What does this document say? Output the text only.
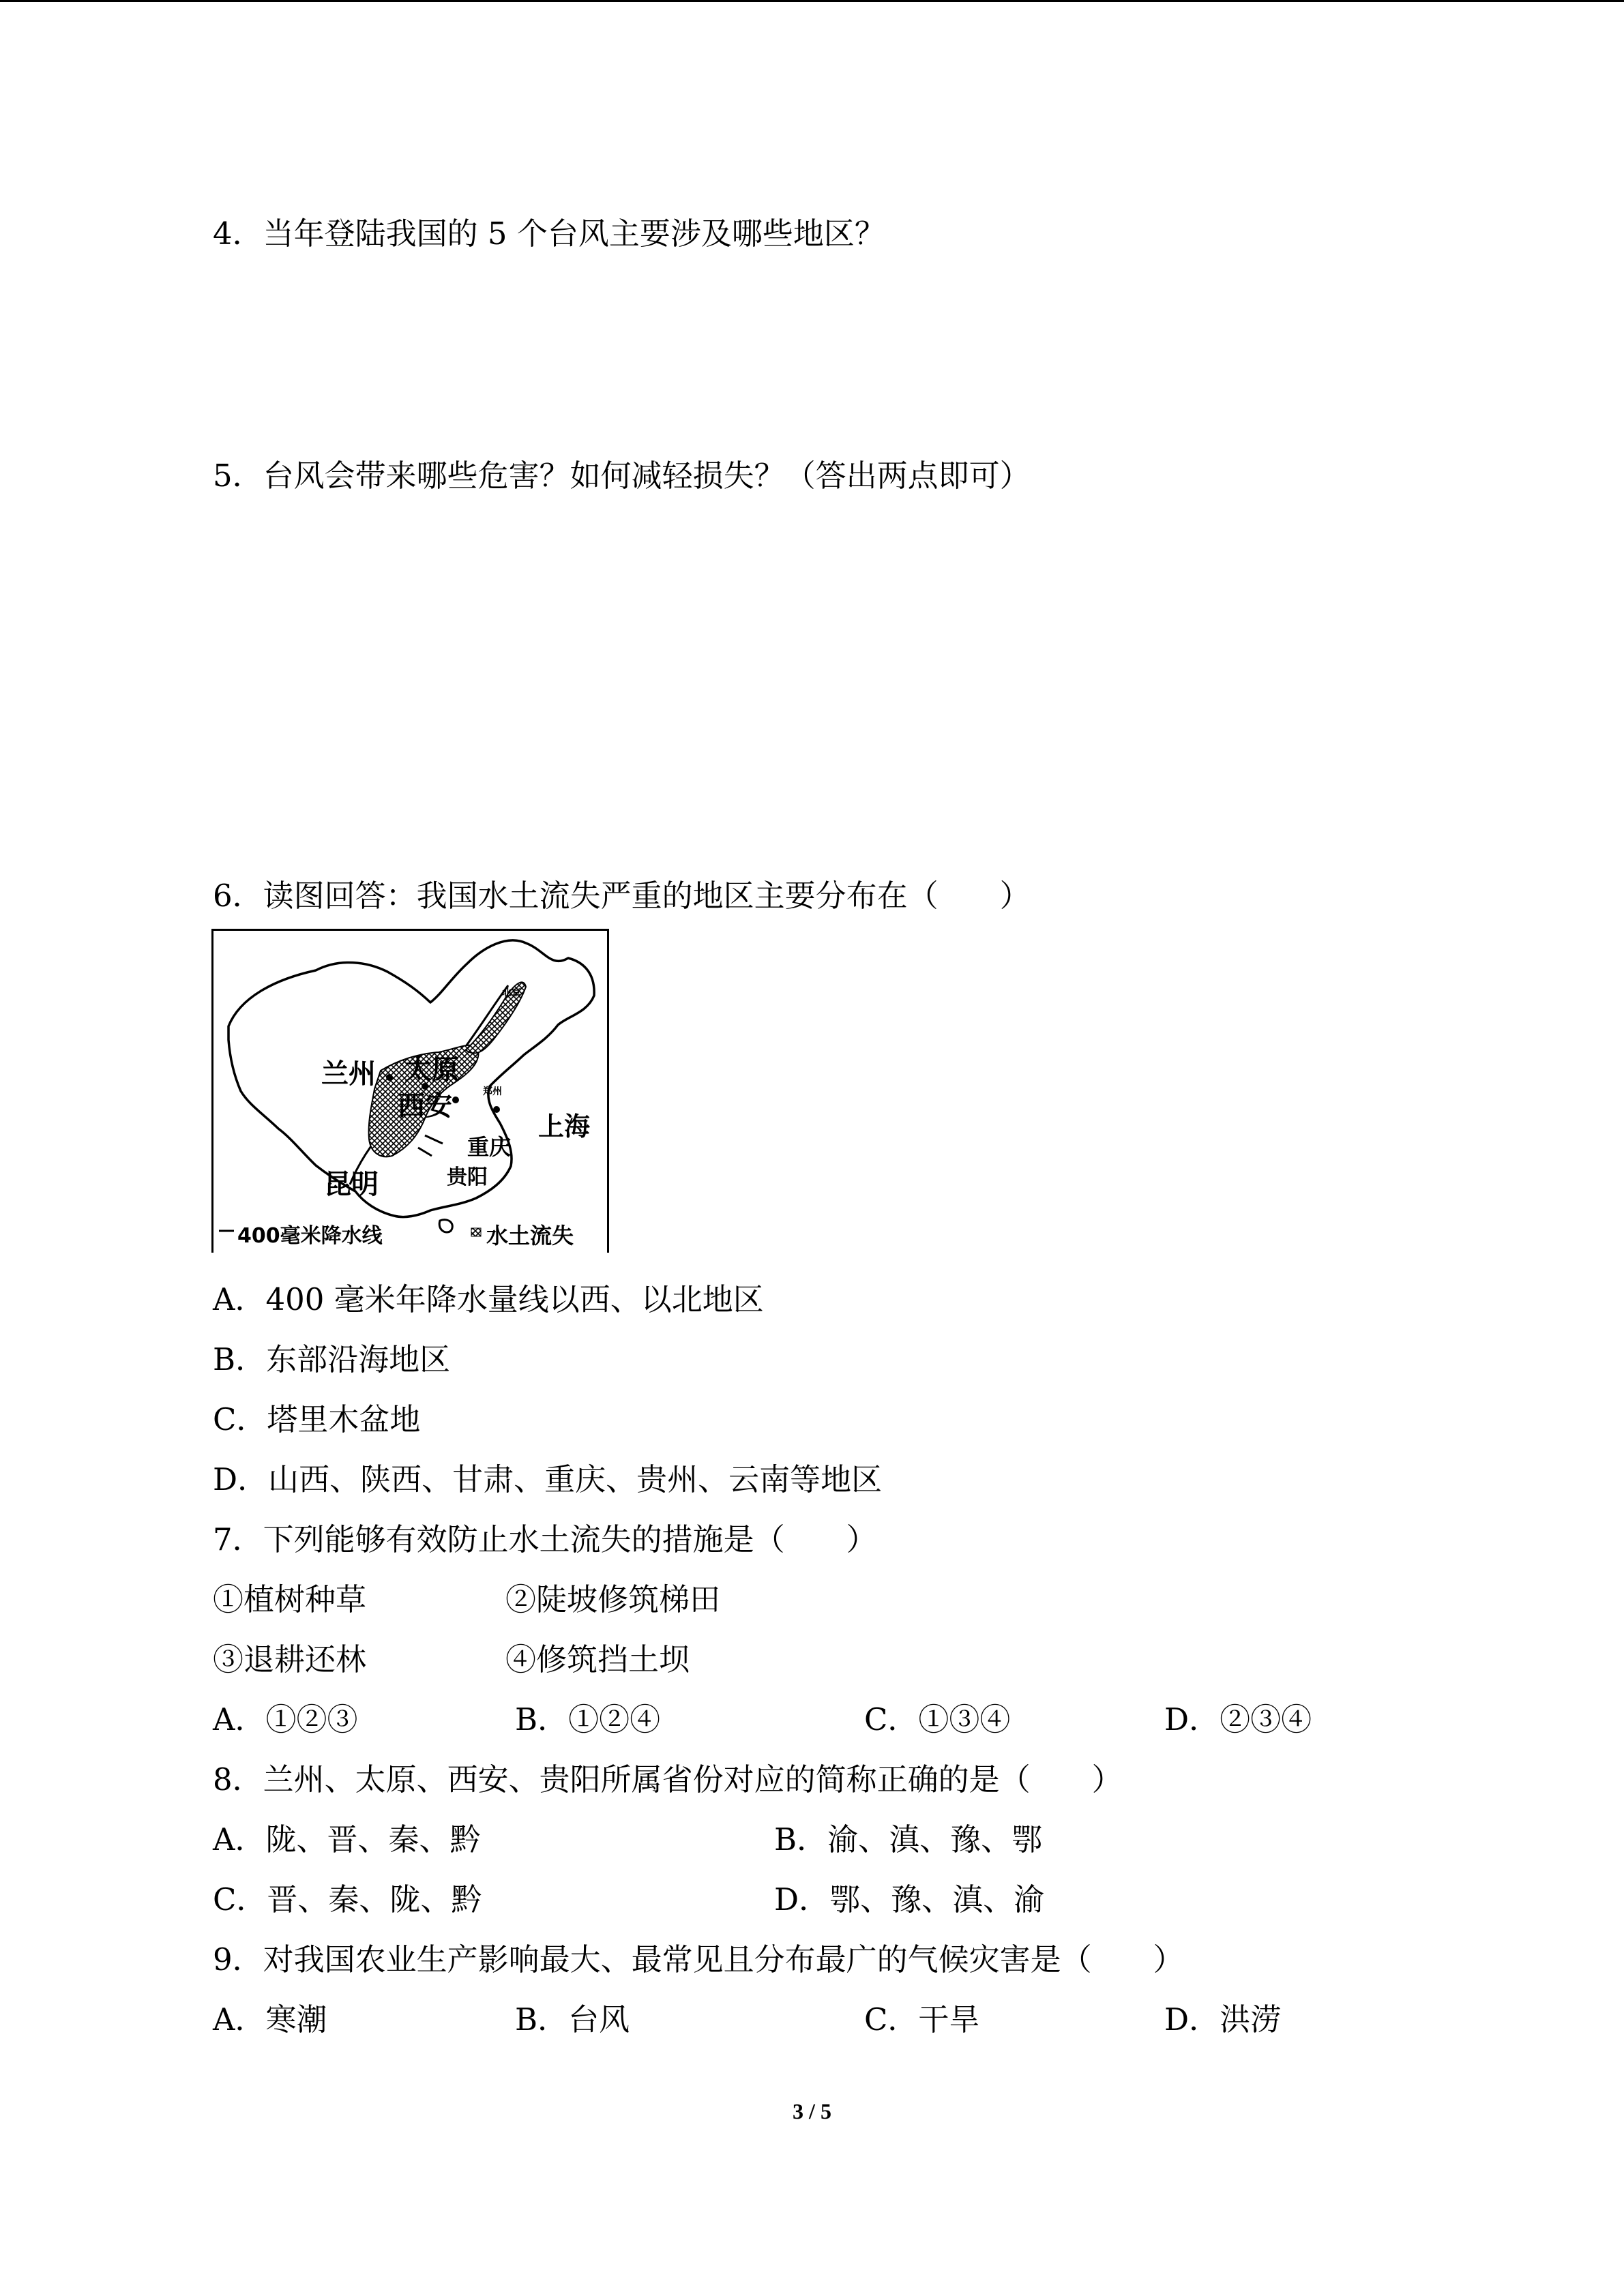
4．当年登陆我国的 5 个台风主要涉及哪些地区？
5．台风会带来哪些危害？如何减轻损失？（答出两点即可）
6．读图回答：我国水土流失严重的地区主要分布在（　　）
兰州 太原
西安
上海
重庆
贵阳
昆明
郑州
北京
400毫米降水线	水土流失
A．400 毫米年降水量线以西、以北地区
B．东部沿海地区
C．塔里木盆地
D．山西、陕西、甘肃、重庆、贵州、云南等地区
7．下列能够有效防止水土流失的措施是（　　）
①植树种草	②陡坡修筑梯田
③退耕还林	④修筑挡土坝
A．①②③	B．①②④	C．①③④	D．②③④
8．兰州、太原、西安、贵阳所属省份对应的简称正确的是（　　）
A．陇、晋、秦、黔	B．渝、滇、豫、鄂
C．晋、秦、陇、黔	D．鄂、豫、滇、渝
9．对我国农业生产影响最大、最常见且分布最广的气候灾害是（　　）
A．寒潮	B．台风	C．干旱	D．洪涝
3 / 5
